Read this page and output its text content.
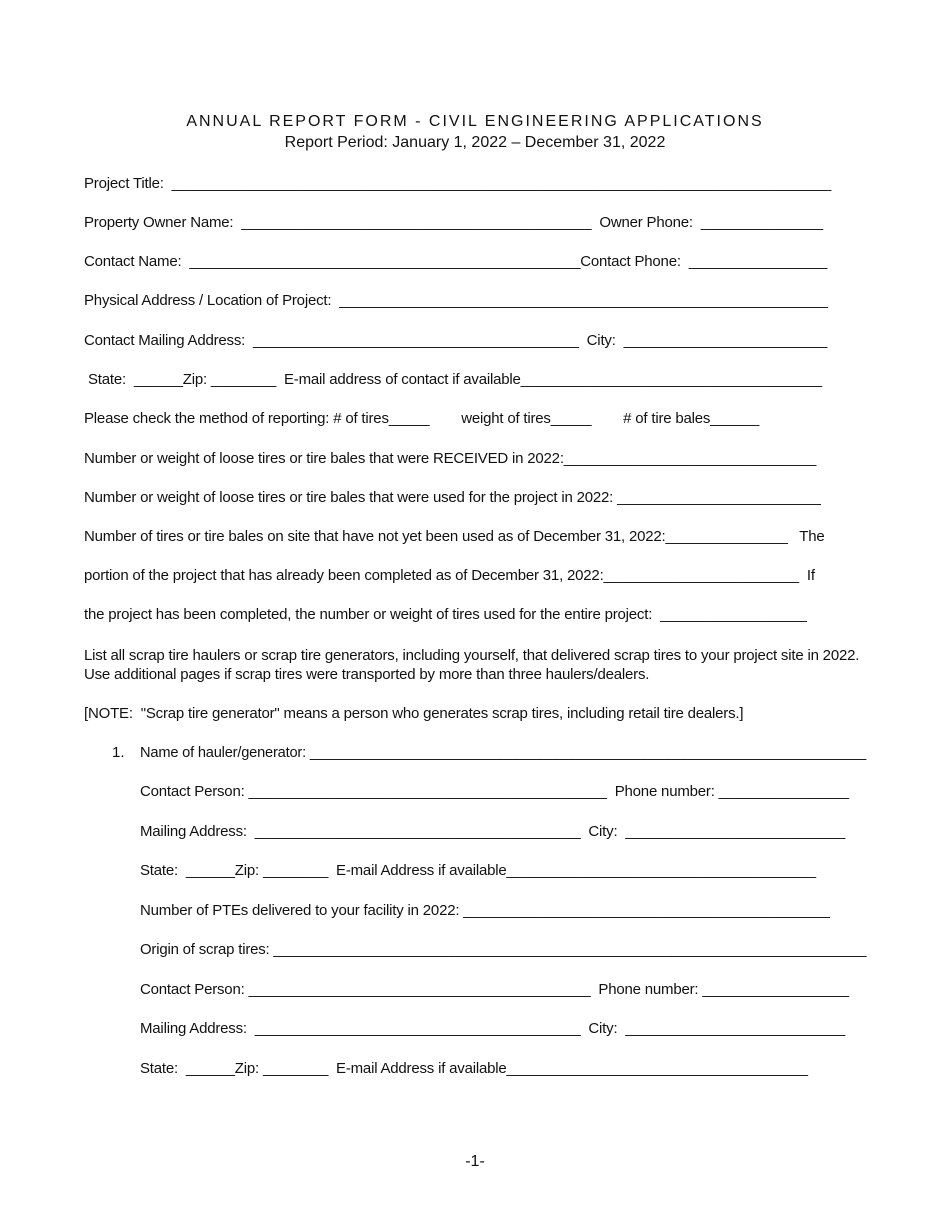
ANNUAL REPORT FORM - CIVIL ENGINEERING APPLICATIONS
Report Period: January 1, 2022 – December 31, 2022
Project Title:  _________________________________________________________________________________
Property Owner Name:  ___________________________________________  Owner Phone:  _______________
Contact Name:  ________________________________________________Contact Phone:  _________________
Physical Address / Location of Project:  ____________________________________________________________
Contact Mailing Address:  ________________________________________  City:  _________________________
State:  ______Zip: ________  E-mail address of contact if available_____________________________________
Please check the method of reporting: # of tires_____        weight of tires_____        # of tire bales______
Number or weight of loose tires or tire bales that were RECEIVED in 2022:_______________________________
Number or weight of loose tires or tire bales that were used for the project in 2022: _________________________
Number of tires or tire bales on site that have not yet been used as of December 31, 2022:_______________   The
portion of the project that has already been completed as of December 31, 2022:________________________  If
the project has been completed, the number or weight of tires used for the entire project:  __________________
List all scrap tire haulers or scrap tire generators, including yourself, that delivered scrap tires to your project site in 2022. Use additional pages if scrap tires were transported by more than three haulers/dealers.
[NOTE:  "Scrap tire generator" means a person who generates scrap tires, including retail tire dealers.]
1. Name of hauler/generator: ______________________________________________________________________
Contact Person: ____________________________________________  Phone number: ________________
Mailing Address:  ________________________________________  City:  ___________________________
State:  ______Zip: ________  E-mail Address if available______________________________________
Number of PTEs delivered to your facility in 2022: _____________________________________________
Origin of scrap tires: _________________________________________________________________________
Contact Person: __________________________________________  Phone number: __________________
Mailing Address:  ________________________________________  City:  ___________________________
State:  ______Zip: ________  E-mail Address if available_____________________________________
-1-
